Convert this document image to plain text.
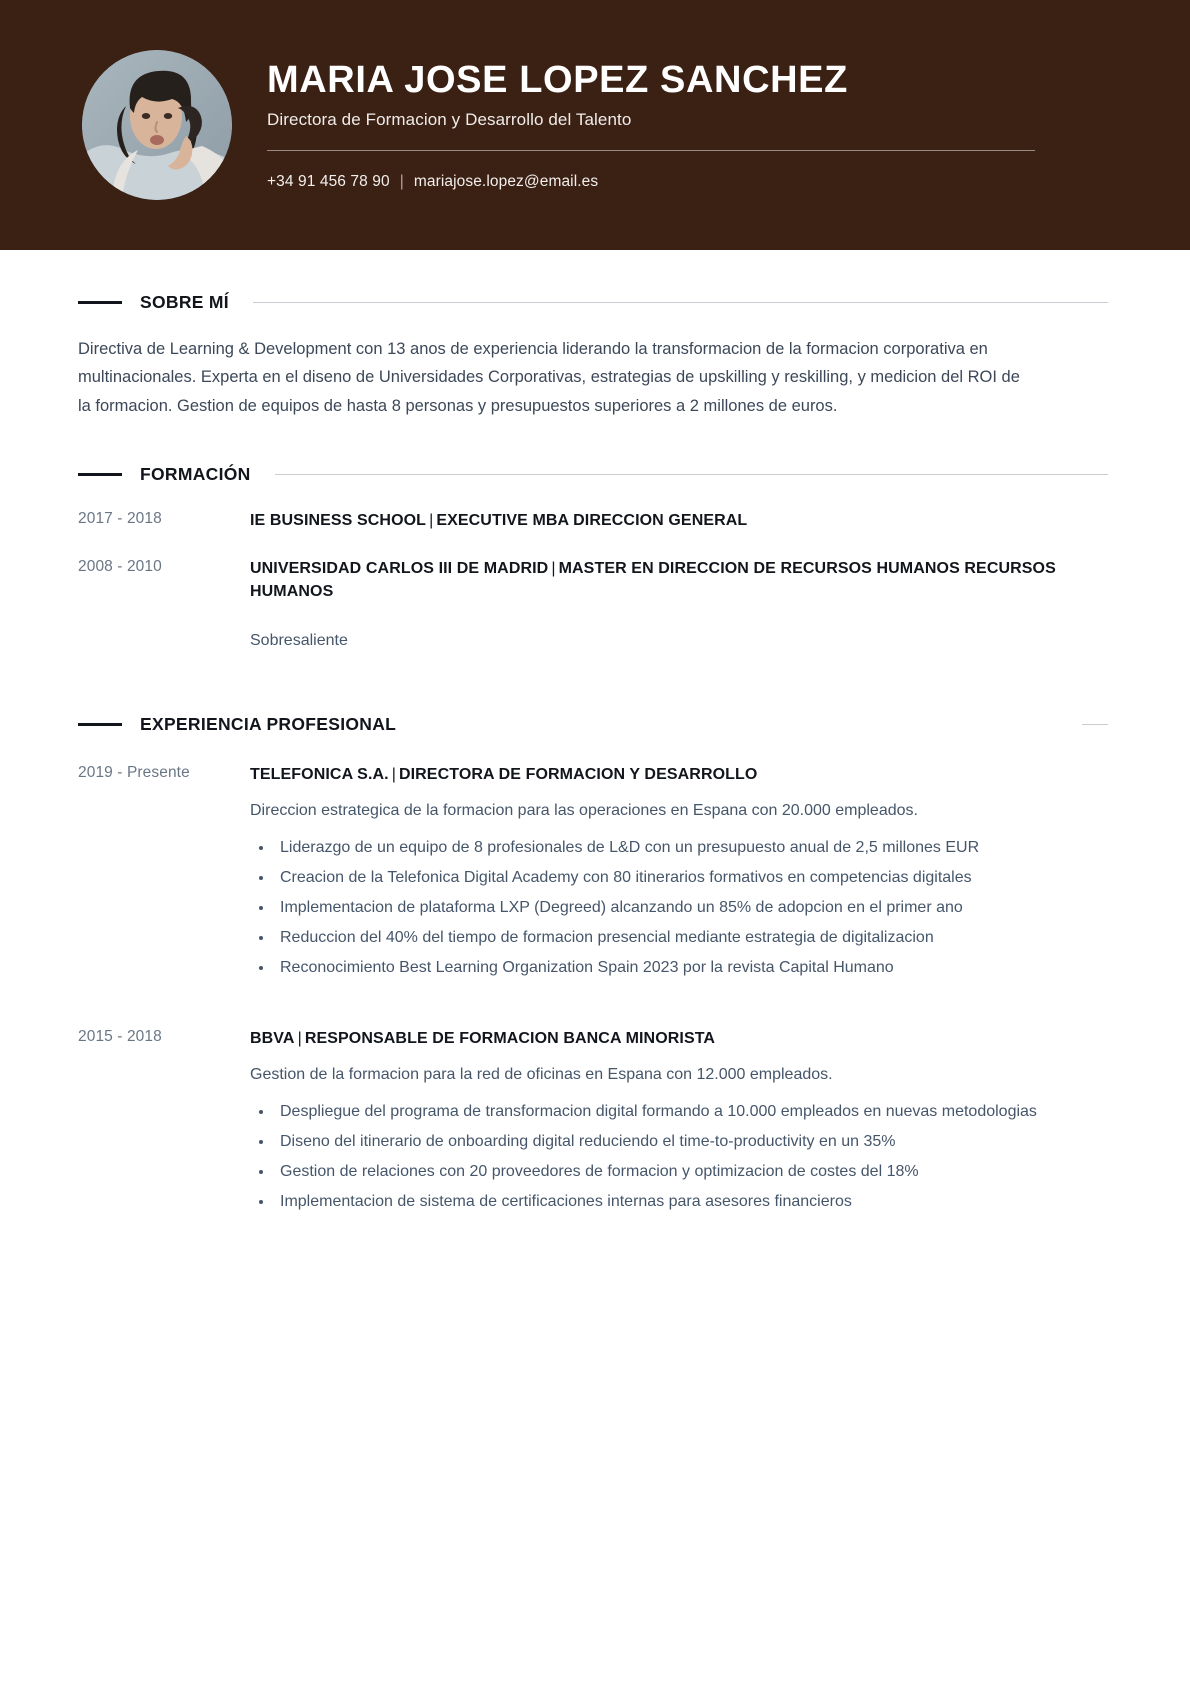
MARIA JOSE LOPEZ SANCHEZ
Directora de Formacion y Desarrollo del Talento
+34 91 456 78 90 | mariajose.lopez@email.es
SOBRE MÍ

Directiva de Learning & Development con 13 anos de experiencia liderando la transformacion de la formacion corporativa en multinacionales. Experta en el diseno de Universidades Corporativas, estrategias de upskilling y reskilling, y medicion del ROI de la formacion. Gestion de equipos de hasta 8 personas y presupuestos superiores a 2 millones de euros.

FORMACIÓN
2017 - 2018	IE BUSINESS SCHOOL | EXECUTIVE MBA DIRECCION GENERAL

2008 - 2010	UNIVERSIDAD CARLOS III DE MADRID | MASTER EN DIRECCION DE RECURSOS HUMANOS RECURSOS HUMANOS

Sobresaliente
EXPERIENCIA PROFESIONAL
2019 - Presente	TELEFONICA S.A. | DIRECTORA DE FORMACION Y DESARROLLO

Direccion estrategica de la formacion para las operaciones en Espana con 20.000 empleados.
Liderazgo de un equipo de 8 profesionales de L&D con un presupuesto anual de 2,5 millones EUR
Creacion de la Telefonica Digital Academy con 80 itinerarios formativos en competencias digitales
Implementacion de plataforma LXP (Degreed) alcanzando un 85% de adopcion en el primer ano
Reduccion del 40% del tiempo de formacion presencial mediante estrategia de digitalizacion
Reconocimiento Best Learning Organization Spain 2023 por la revista Capital Humano
2015 - 2018	BBVA | RESPONSABLE DE FORMACION BANCA MINORISTA

Gestion de la formacion para la red de oficinas en Espana con 12.000 empleados.
Despliegue del programa de transformacion digital formando a 10.000 empleados en nuevas metodologias
Diseno del itinerario de onboarding digital reduciendo el time-to-productivity en un 35%
Gestion de relaciones con 20 proveedores de formacion y optimizacion de costes del 18%
Implementacion de sistema de certificaciones internas para asesores financieros
